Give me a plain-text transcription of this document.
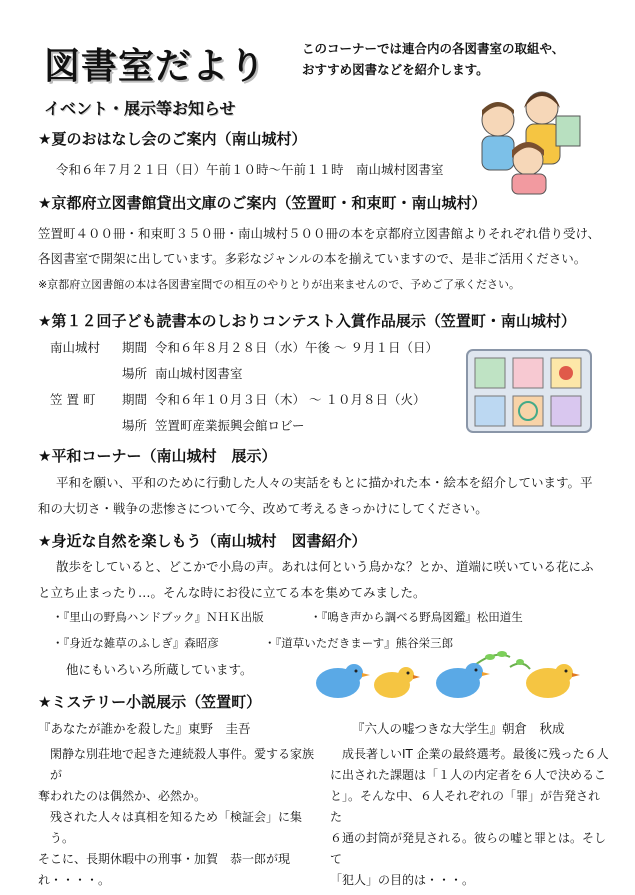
図書室だより	このコーナーでは連合内の各図書室の取組や、
おすすめ図書などを紹介します。
イベント・展示等お知らせ
★夏のおはなし会のご案内（南山城村）
令和６年７月２１日（日）午前１０時〜午前１１時　南山城村図書室
★京都府立図書館貸出文庫のご案内（笠置町・和束町・南山城村）
笠置町４００冊・和束町３５０冊・南山城村５００冊の本を京都府立図書館よりそれぞれ借り受け、
各図書室で開架に出しています。多彩なジャンルの本を揃えていますので、是非ご活用ください。
※京都府立図書館の本は各図書室間での相互のやりとりが出来ませんので、予めご了承ください。
★第１２回子ども読書本のしおりコンテスト入賞作品展示（笠置町・南山城村）
南山城村 期間 令和６年８月２８日（水）午後 〜 ９月１日（日）
場所 南山城村図書室
笠 置 町 期間 令和６年１０月３日（木） 〜 １０月８日（火）
場所 笠置町産業振興会館ロビー
★平和コーナー（南山城村　展示）
平和を願い、平和のために行動した人々の実話をもとに描かれた本・絵本を紹介しています。平
和の大切さ・戦争の悲惨さについて今、改めて考えるきっかけにしてください。
★身近な自然を楽しもう（南山城村　図書紹介）
散歩をしていると、どこかで小鳥の声。あれは何という鳥かな？とか、道端に咲いている花にふ
と立ち止まったり…。そんな時にお役に立てる本を集めてみました。
・『里山の野鳥ハンドブック』ＮＨＫ出版	・『鳴き声から調べる野鳥図鑑』松田道生
・『身近な雑草のふしぎ』森昭彦	・『道草いただきまーす』熊谷栄三郎
他にもいろいろ所蔵しています。
★ミステリー小説展示（笠置町）
『あなたが誰かを殺した』東野　圭吾
閑静な別荘地で起きた連続殺人事件。愛する家族が
奪われたのは偶然か、必然か。
残された人々は真相を知るため「検証会」に集う。
そこに、長期休暇中の刑事・加賀　恭一郎が現れ・・・・。
『六人の嘘つきな大学生』朝倉　秋成
成長著しいIT 企業の最終選考。最後に残った６人
に出された課題は「１人の内定者を６人で決めるこ
と」。そんな中、６人それぞれの「罪」が告発された
６通の封筒が発見される。彼らの嘘と罪とは。そして
「犯人」の目的は・・・。
